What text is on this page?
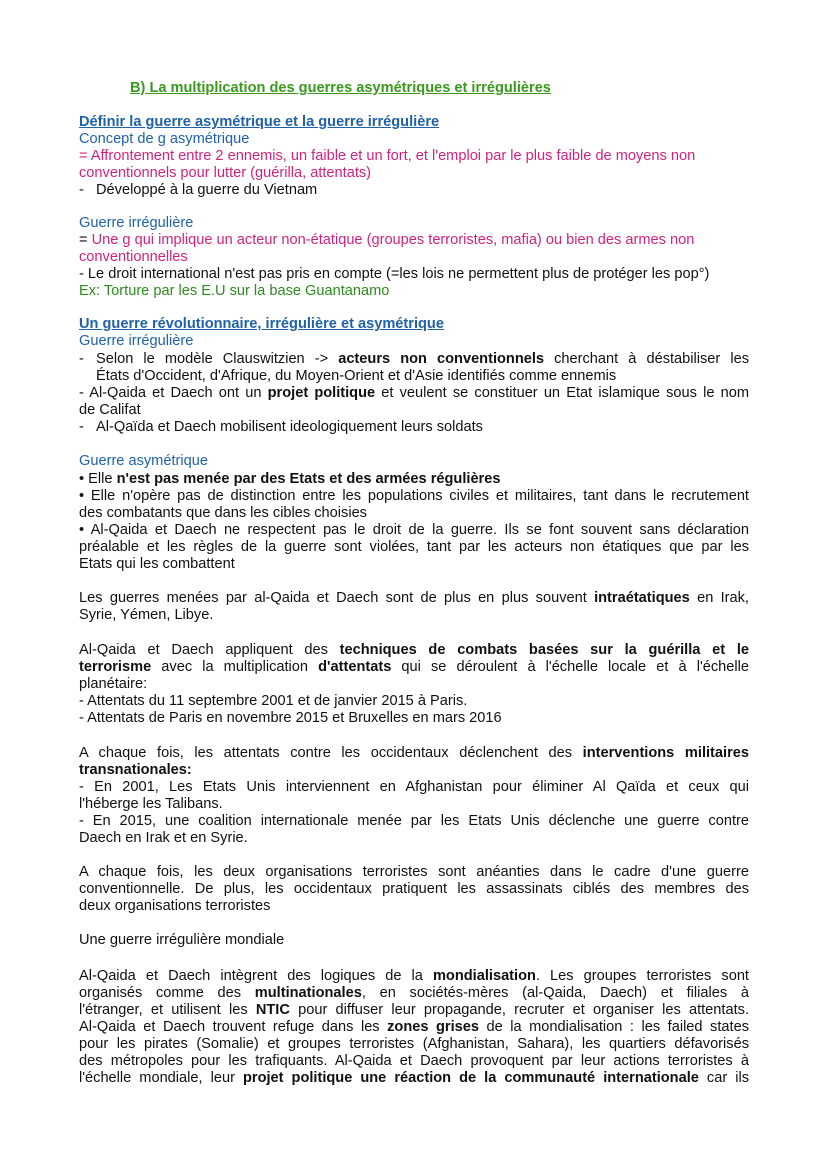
B) La multiplication des guerres asymétriques et irrégulières
Définir la guerre asymétrique et la guerre irrégulière
Concept de g asymétrique
= Affrontement entre 2 ennemis, un faible et un fort, et l'emploi par le plus faible de moyens non
conventionnels pour lutter (guérilla, attentats)
- Développé à la guerre du Vietnam
Guerre irrégulière
= Une g qui implique un acteur non-étatique (groupes terroristes, mafia) ou bien des armes non
conventionnelles
- Le droit international n'est pas pris en compte (=les lois ne permettent plus de protéger les pop°)
Ex: Torture par les E.U sur la base Guantanamo
Un guerre révolutionnaire, irrégulière et asymétrique
Guerre irrégulière
- Selon le modèle Clauswitzien -> acteurs non conventionnels cherchant à déstabiliser les
États d'Occident, d'Afrique, du Moyen-Orient et d'Asie identifiés comme ennemis
- Al-Qaida et Daech ont un projet politique et veulent se constituer un Etat islamique sous le nom
de Califat
- Al-Qaïda et Daech mobilisent ideologiquement leurs soldats
Guerre asymétrique
• Elle n'est pas menée par des Etats et des armées régulières
• Elle n'opère pas de distinction entre les populations civiles et militaires, tant dans le recrutement
des combatants que dans les cibles choisies
• Al-Qaida et Daech ne respectent pas le droit de la guerre. Ils se font souvent sans déclaration
préalable et les règles de la guerre sont violées, tant par les acteurs non étatiques que par les
Etats qui les combattent
Les guerres menées par al-Qaida et Daech sont de plus en plus souvent intraétatiques en Irak,
Syrie, Yémen, Libye.
Al-Qaida et Daech appliquent des techniques de combats basées sur la guérilla et le
terrorisme avec la multiplication d'attentats qui se déroulent à l'échelle locale et à l'échelle
planétaire:
- Attentats du 11 septembre 2001 et de janvier 2015 à Paris.
- Attentats de Paris en novembre 2015 et Bruxelles en mars 2016
A chaque fois, les attentats contre les occidentaux déclenchent des interventions militaires
transnationales:
- En 2001, Les Etats Unis interviennent en Afghanistan pour éliminer Al Qaïda et ceux qui
l'héberge les Talibans.
- En 2015, une coalition internationale menée par les Etats Unis déclenche une guerre contre
Daech en Irak et en Syrie.
A chaque fois, les deux organisations terroristes sont anéanties dans le cadre d'une guerre
conventionnelle. De plus, les occidentaux pratiquent les assassinats ciblés des membres des
deux organisations terroristes
Une guerre irrégulière mondiale
Al-Qaida et Daech intègrent des logiques de la mondialisation. Les groupes terroristes sont
organisés comme des multinationales, en sociétés-mères (al-Qaida, Daech) et filiales à
l'étranger, et utilisent les NTIC pour diffuser leur propagande, recruter et organiser les attentats.
Al-Qaida et Daech trouvent refuge dans les zones grises de la mondialisation : les failed states
pour les pirates (Somalie) et groupes terroristes (Afghanistan, Sahara), les quartiers défavorisés
des métropoles pour les trafiquants. Al-Qaida et Daech provoquent par leur actions terroristes à
l'échelle mondiale, leur projet politique une réaction de la communauté internationale car ils
